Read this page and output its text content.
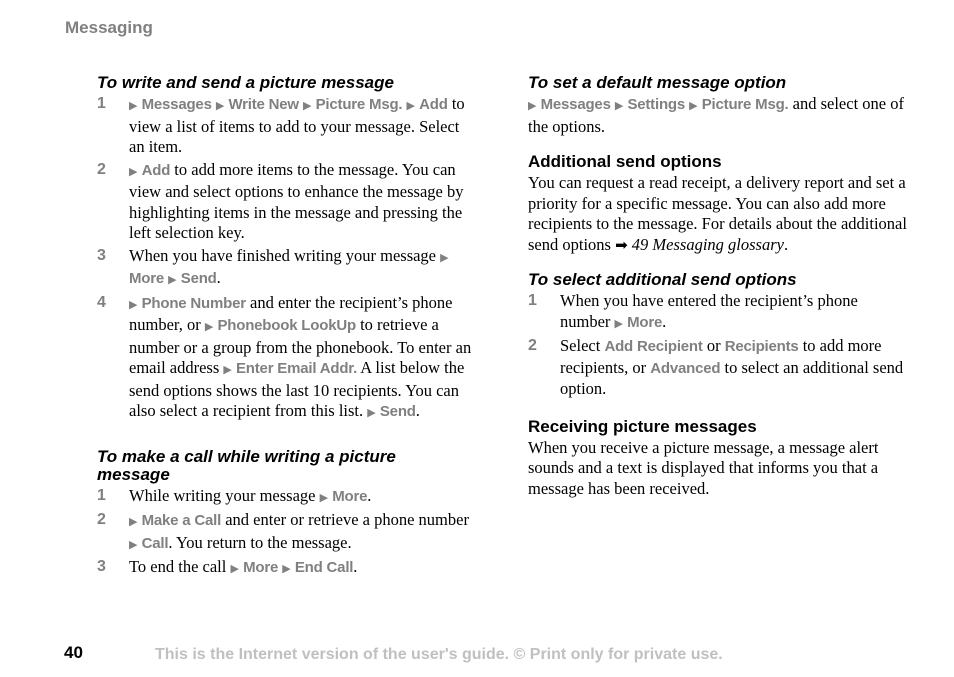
Messaging
To write and send a picture message
1 ▶ Messages ▶ Write New ▶ Picture Msg. ▶ Add to view a list of items to add to your message. Select an item.
2 ▶ Add to add more items to the message. You can view and select options to enhance the message by highlighting items in the message and pressing the left selection key.
3 When you have finished writing your message ▶ More ▶ Send.
4 ▶ Phone Number and enter the recipient’s phone number, or ▶ Phonebook LookUp to retrieve a number or a group from the phonebook. To enter an email address ▶ Enter Email Addr. A list below the send options shows the last 10 recipients. You can also select a recipient from this list. ▶ Send.
To make a call while writing a picture message
1 While writing your message ▶ More.
2 ▶ Make a Call and enter or retrieve a phone number ▶ Call. You return to the message.
3 To end the call ▶ More ▶ End Call.
To set a default message option

▶ Messages ▶ Settings ▶ Picture Msg. and select one of the options.

Additional send options

You can request a read receipt, a delivery report and set a priority for a specific message. You can also add more recipients to the message. For details about the additional send options ➡ 49 Messaging glossary.

To select additional send options
1 When you have entered the recipient’s phone number ▶ More.
2 Select Add Recipient or Recipients to add more recipients, or Advanced to select an additional send option.
Receiving picture messages

When you receive a picture message, a message alert sounds and a text is displayed that informs you that a message has been received.

40	This is the Internet version of the user's guide. © Print only for private use.
